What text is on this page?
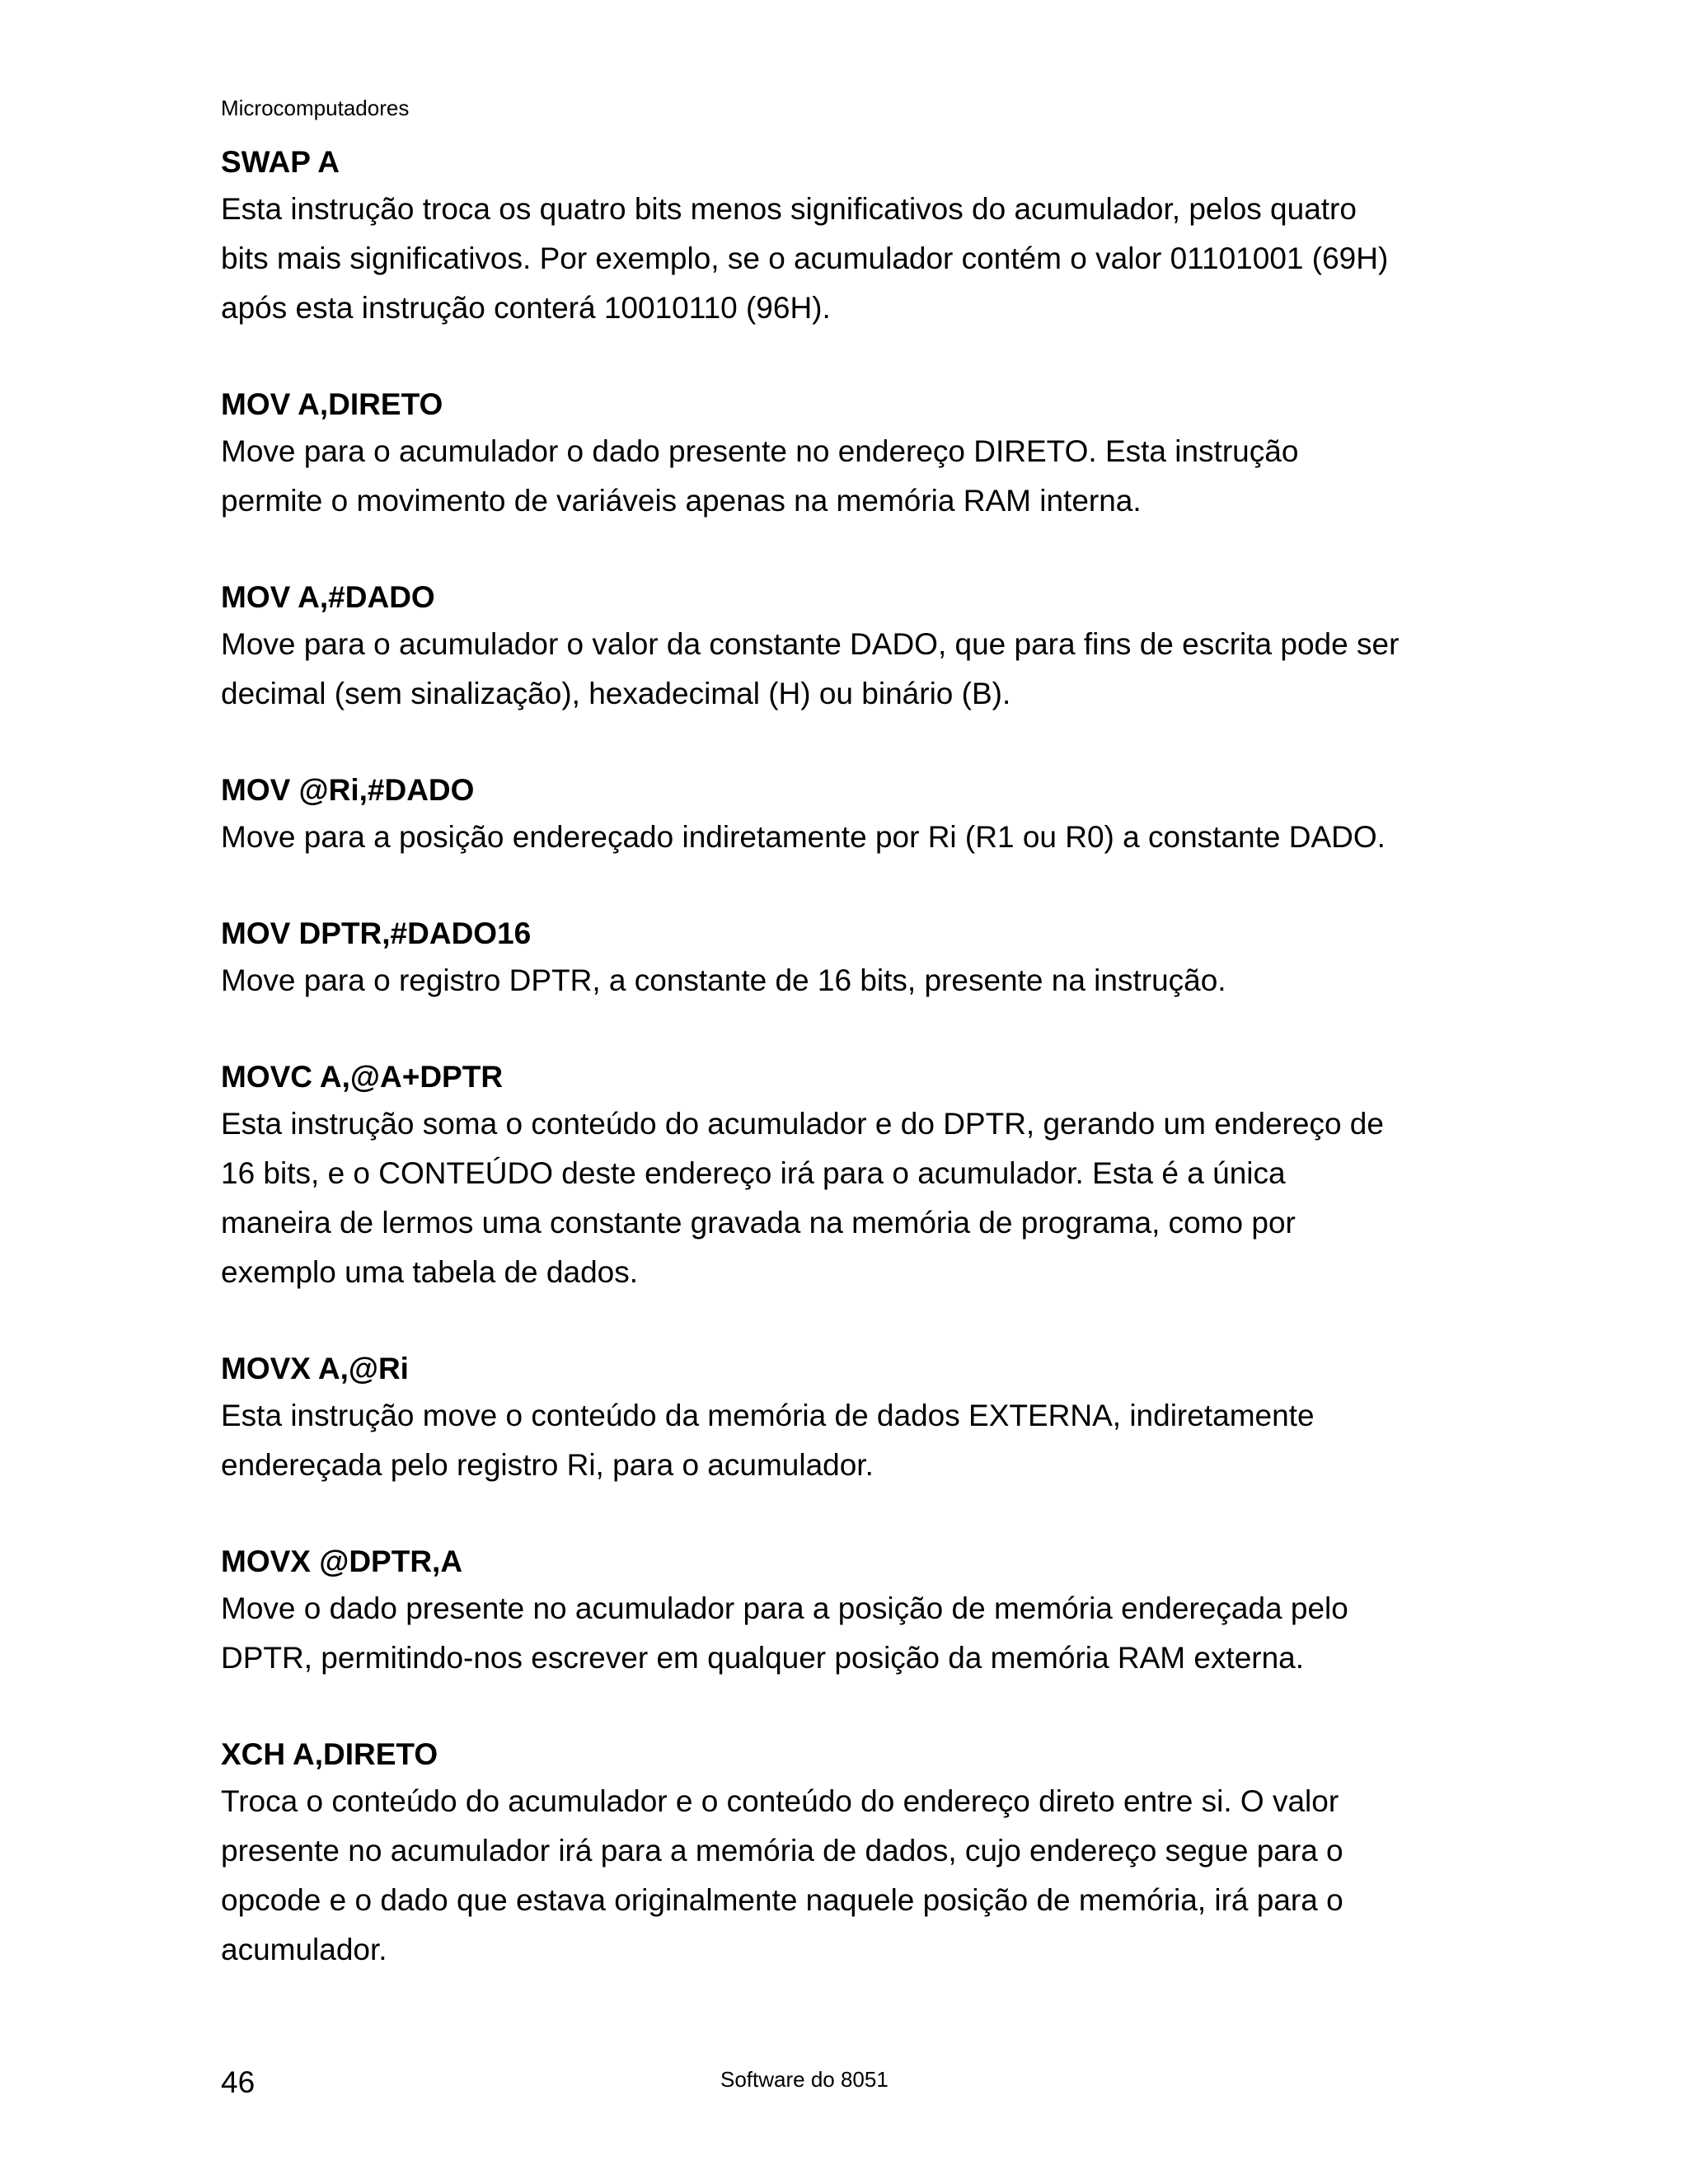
Microcomputadores

SWAP A

Esta instrução troca os quatro bits menos significativos do acumulador, pelos quatro
bits mais significativos. Por exemplo, se o acumulador contém o valor 01101001 (69H)
após esta instrução conterá 10010110 (96H).

MOV A,DIRETO

Move para o acumulador o dado presente no endereço DIRETO. Esta instrução
permite o movimento de variáveis apenas na memória RAM interna.

MOV A,#DADO

Move para o acumulador o valor da constante DADO, que para fins de escrita pode ser
decimal (sem sinalização), hexadecimal (H) ou binário (B).

MOV @Ri,#DADO

Move para a posição endereçado indiretamente por Ri (R1 ou R0) a constante DADO.

MOV DPTR,#DADO16

Move para o registro DPTR, a constante de 16 bits, presente na instrução.

MOVC A,@A+DPTR

Esta instrução soma o conteúdo do acumulador e do DPTR, gerando um endereço de
16 bits, e o CONTEÚDO deste endereço irá para o acumulador. Esta é a única
maneira de lermos uma constante gravada na memória de programa, como por
exemplo uma tabela de dados.

MOVX A,@Ri

Esta instrução move o conteúdo da memória de dados EXTERNA, indiretamente
endereçada pelo registro Ri, para o acumulador.

MOVX @DPTR,A

Move o dado presente no acumulador para a posição de memória endereçada pelo
DPTR, permitindo-nos escrever em qualquer posição da memória RAM externa.

XCH A,DIRETO

Troca o conteúdo do acumulador e o conteúdo do endereço direto entre si. O valor
presente no acumulador irá para a memória de dados, cujo endereço segue para o
opcode e o dado que estava originalmente naquele posição de memória, irá para o
acumulador.

46	Software do 8051
